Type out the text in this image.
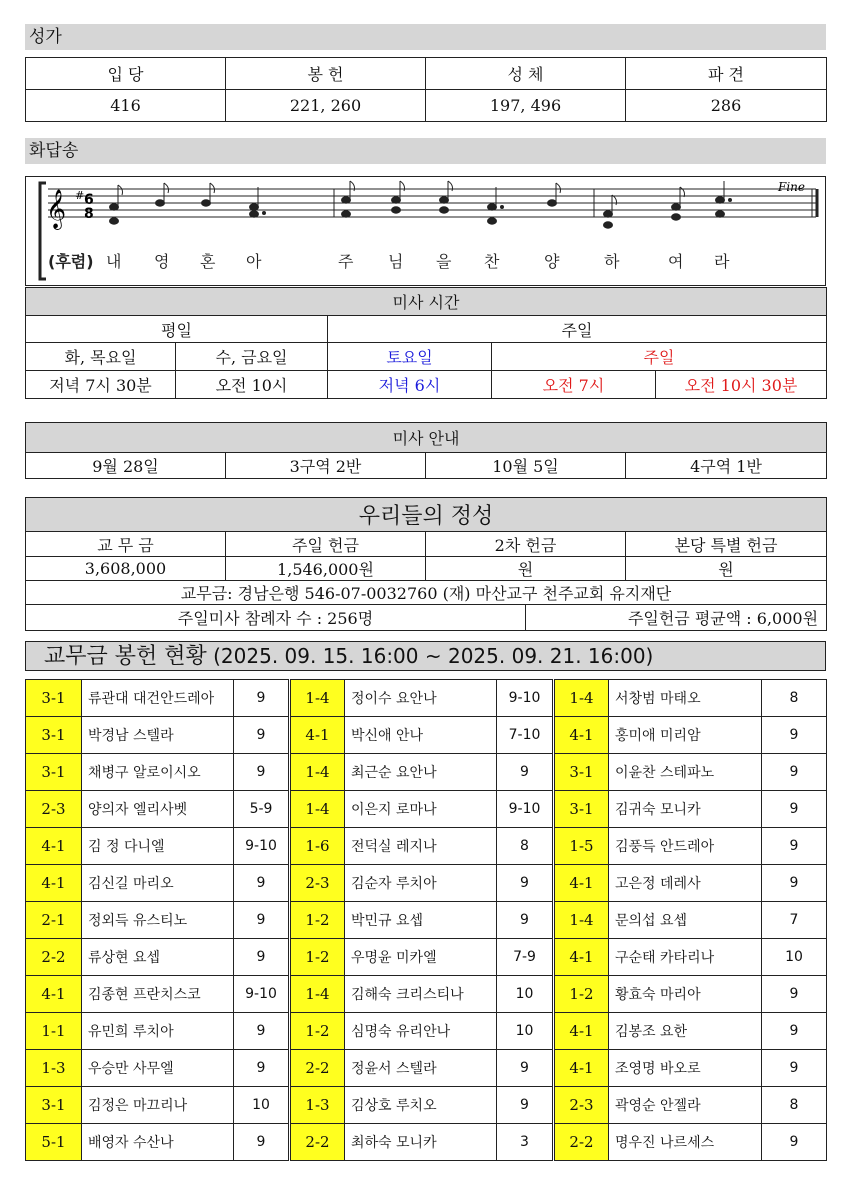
성가
입 당	봉 헌	성 체	파 견
416	221, 260	197, 496	286
화답송
𝄞 # 6
8
Fine
(후렴) 내 영 혼 아	주 님 을 찬	양	하	여 라
미사 시간				
평일		주일		
화, 목요일	수, 금요일	토요일	주일	
저녁 7시 30분	오전 10시	저녁 6시	오전 7시	오전 10시 30분
미사 안내
9월 28일	3구역 2반	10월 5일	4구역 1반
우리들의 정성				
교 무 금	주일 헌금	2차 헌금		본당 특별 헌금
3,608,000	1,546,000원	원		원
교무금: 경남은행 546-07-0032760 (재) 마산교구 천주교회 유지재단				
주일미사 참례자 수 : 256명			주일헌금 평균액 : 6,000원	
교무금 봉헌 현황 (2025. 09. 15. 16:00 ~ 2025. 09. 21. 16:00)
3-1	류관대 대건안드레아	9	1-4	정이수 요안나	9-10	1-4	서창범 마태오	8
3-1	박경남 스텔라	9	4-1	박신애 안나	7-10	4-1	홍미애 미리암	9
3-1	채병구 알로이시오	9	1-4	최근순 요안나	9	3-1	이윤찬 스테파노	9
2-3	양의자 엘리사벳	5-9	1-4	이은지 로마나	9-10	3-1	김귀숙 모니카	9
4-1	김 정 다니엘	9-10	1-6	전덕실 레지나	8	1-5	김풍득 안드레아	9
4-1	김신길 마리오	9	2-3	김순자 루치아	9	4-1	고은정 데레사	9
2-1	정외득 유스티노	9	1-2	박민규 요셉	9	1-4	문의섭 요셉	7
2-2	류상현 요셉	9	1-2	우명윤 미카엘	7-9	4-1	구순태 카타리나	10
4-1	김종현 프란치스코	9-10	1-4	김해숙 크리스티나	10	1-2	황효숙 마리아	9
1-1	유민희 루치아	9	1-2	심명숙 유리안나	10	4-1	김봉조 요한	9
1-3	우승만 사무엘	9	2-2	정윤서 스텔라	9	4-1	조영명 바오로	9
3-1	김정은 마끄리나	10	1-3	김상호 루치오	9	2-3	곽영순 안젤라	8
5-1	배영자 수산나	9	2-2	최하숙 모니카	3	2-2	명우진 나르세스	9
